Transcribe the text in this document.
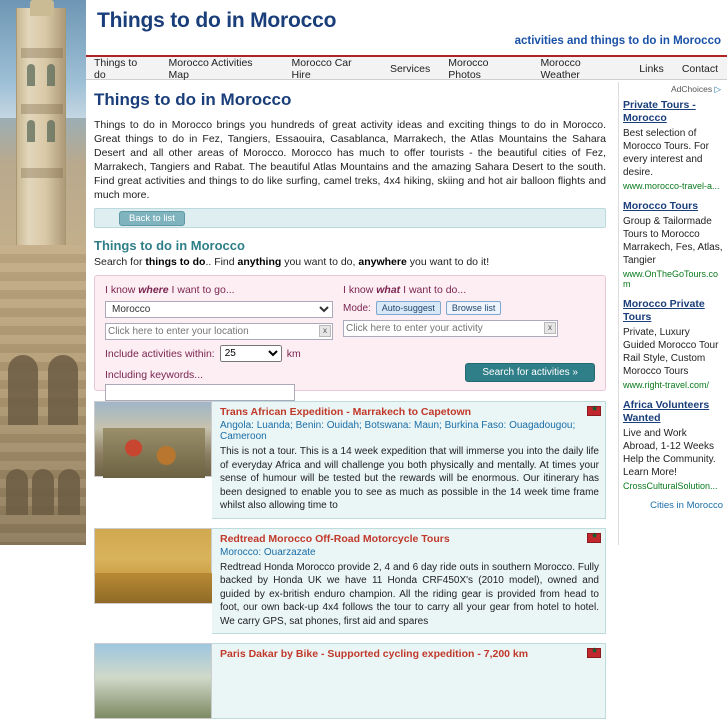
Things to do in Morocco
activities and things to do in Morocco
Things to do
Morocco Activities Map
Morocco Car Hire	Services	Morocco Photos
Morocco Weather	Links	Contact
Things to do in Morocco

Things to do in Morocco brings you hundreds of great activity ideas and exciting things to do in Morocco. Great things to do in Fez, Tangiers, Essaouira, Casablanca, Marrakech, the Atlas Mountains the Sahara Desert and all other areas of Morocco. Morocco has much to offer tourists - the beautiful cities of Fez, Marrakech, Tangiers and Rabat. The beautiful Atlas Mountains and the amazing Sahara Desert to the south. Find great activities and things to do like surfing, camel treks, 4x4 hiking, skiing and hot air balloon flights and much more.

Back to list
Things to do in Morocco
Search for things to do.. Find anything you want to do, anywhere you want to do it!
I know where I want to go...
Morocco
Click here to enter your location
x
Include activities within:
25	km
Including keywords...
I know what I want to do...
Mode:	Auto-suggest	Browse list
Click here to enter your activity
x
Search for activities »
★
Trans African Expedition - Marrakech to Capetown
Angola: Luanda; Benin: Ouidah; Botswana: Maun; Burkina Faso: Ouagadougou; Cameroon
This is not a tour. This is a 14 week expedition that will immerse you into the daily life of everyday Africa and will challenge you both physically and mentally. At times your sense of humour will be tested but the rewards will be enormous. Our itinerary has been designed to enable you to see as much as possible in the 14 week time frame whilst also allowing time to
★
Redtread Morocco Off-Road Motorcycle Tours
Morocco: Ouarzazate
Redtread Honda Morocco provide 2, 4 and 6 day ride outs in southern Morocco. Fully backed by Honda UK we have 11 Honda CRF450X's (2010 model), owned and guided by ex-british enduro champion. All the riding gear is provided from head to foot, our own back-up 4x4 follows the tour to carry all your gear from hotel to hotel. We carry GPS, sat phones, first aid and spares
★
Paris Dakar by Bike - Supported cycling expedition - 7,200 km
AdChoices ▷
Private Tours - Morocco
Best selection of Morocco Tours. For every interest and desire.
www.morocco-travel-a...
Morocco Tours
Group & Tailormade Tours to Morocco Marrakech, Fes, Atlas, Tangier
www.OnTheGoTours.com
Morocco Private Tours
Private, Luxury Guided Morocco Tour Rail Style, Custom Morocco Tours
www.right-travel.com/
Africa Volunteers Wanted
Live and Work Abroad, 1-12 Weeks Help the Community. Learn More!
CrossCulturalSolution...
Cities in Morocco
